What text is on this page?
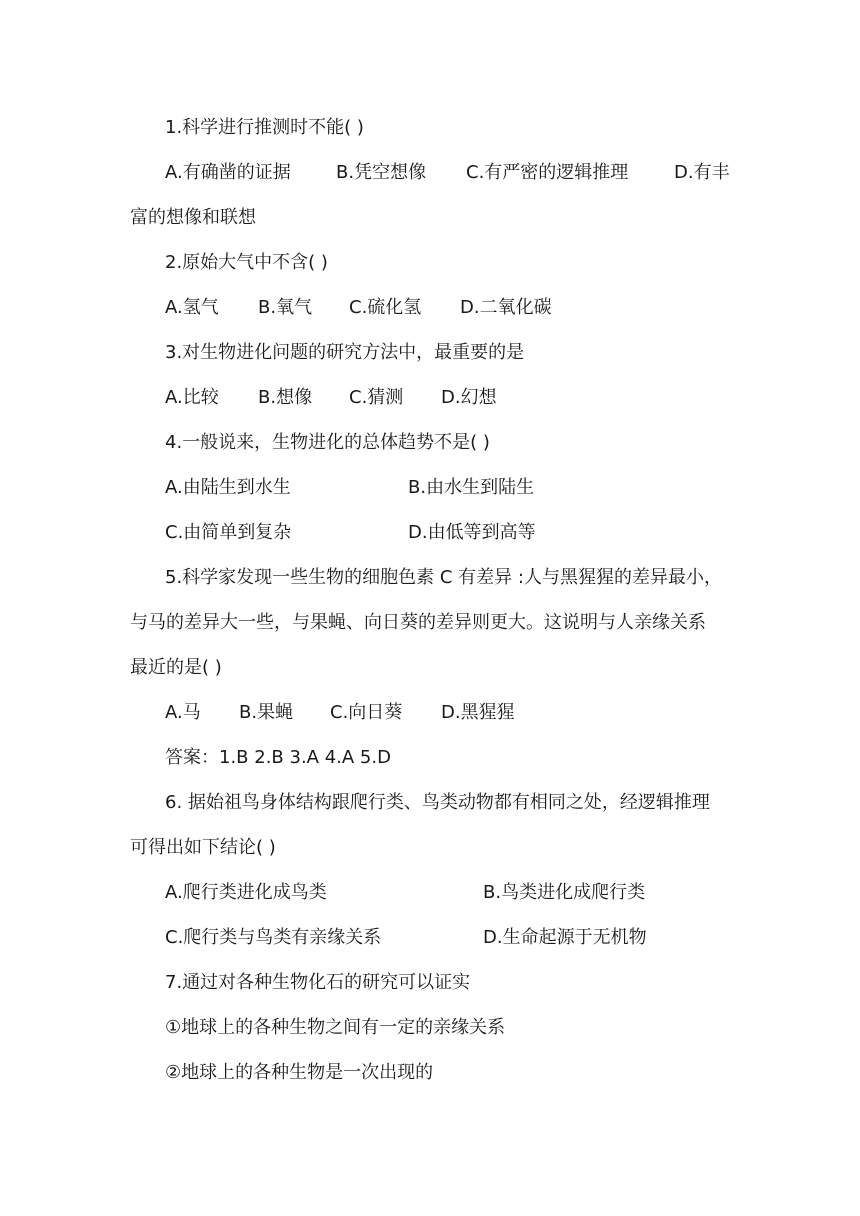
1.科学进行推测时不能( )
A.有确凿的证据	B.凭空想像	C.有严密的逻辑推理	D.有丰
富的想像和联想
2.原始大气中不含( )
A.氢气	B.氧气	C.硫化氢	D.二氧化碳
3.对生物进化问题的研究方法中，最重要的是
A.比较	B.想像	C.猜测	D.幻想
4.一般说来，生物进化的总体趋势不是( )
A.由陆生到水生	B.由水生到陆生
C.由简单到复杂	D.由低等到高等
5.科学家发现一些生物的细胞色素 C 有差异 :人与黑猩猩的差异最小，
与马的差异大一些，与果蝇、向日葵的差异则更大。这说明与人亲缘关系
最近的是( )
A.马	B.果蝇	C.向日葵	D.黑猩猩
答案：1.B 2.B 3.A 4.A 5.D
6. 据始祖鸟身体结构跟爬行类、鸟类动物都有相同之处，经逻辑推理
可得出如下结论( )
A.爬行类进化成鸟类	B.鸟类进化成爬行类
C.爬行类与鸟类有亲缘关系	D.生命起源于无机物
7.通过对各种生物化石的研究可以证实
①地球上的各种生物之间有一定的亲缘关系
②地球上的各种生物是一次出现的
